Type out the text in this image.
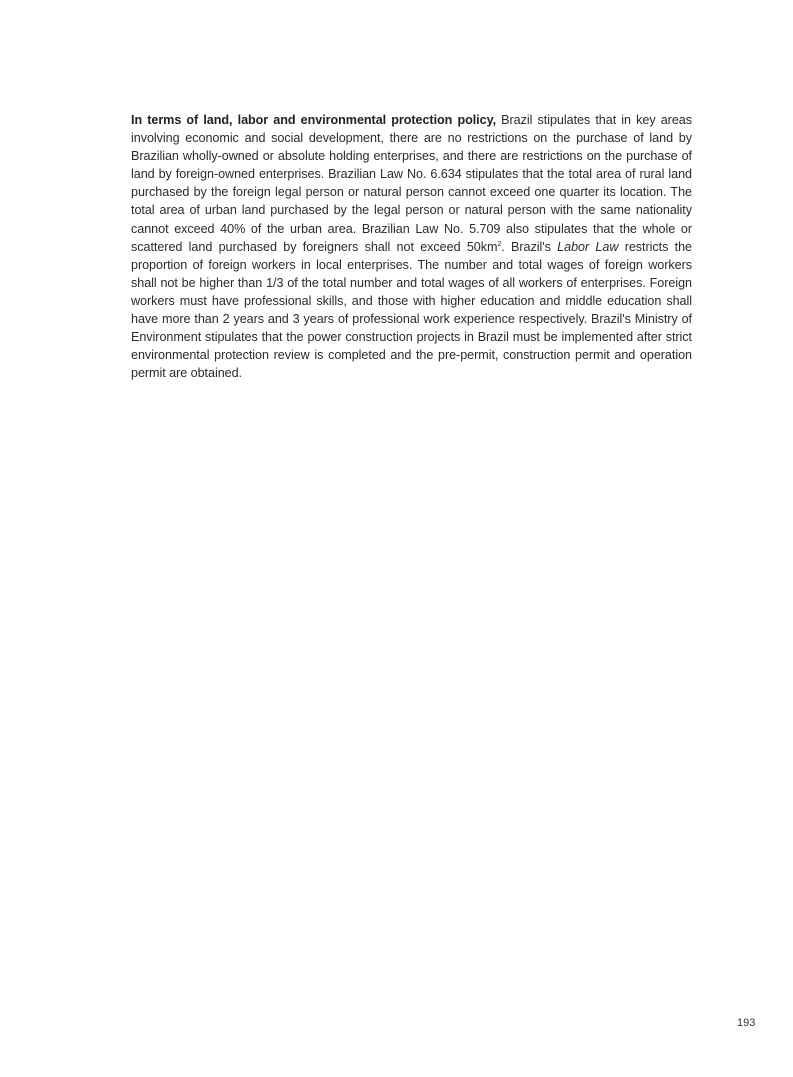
In terms of land, labor and environmental protection policy, Brazil stipulates that in key areas involving economic and social development, there are no restrictions on the purchase of land by Brazilian wholly-owned or absolute holding enterprises, and there are restrictions on the purchase of land by foreign-owned enterprises. Brazilian Law No. 6.634 stipulates that the total area of rural land purchased by the foreign legal person or natural person cannot exceed one quarter its location. The total area of urban land purchased by the legal person or natural person with the same nationality cannot exceed 40% of the urban area. Brazilian Law No. 5.709 also stipulates that the whole or scattered land purchased by foreigners shall not exceed $50km^2$. Brazil's Labor Law restricts the proportion of foreign workers in local enterprises. The number and total wages of foreign workers shall not be higher than 1/3 of the total number and total wages of all workers of enterprises. Foreign workers must have professional skills, and those with higher education and middle education shall have more than 2 years and 3 years of professional work experience respectively. Brazil's Ministry of Environment stipulates that the power construction projects in Brazil must be implemented after strict environmental protection review is completed and the pre-permit, construction permit and operation permit are obtained.

193
